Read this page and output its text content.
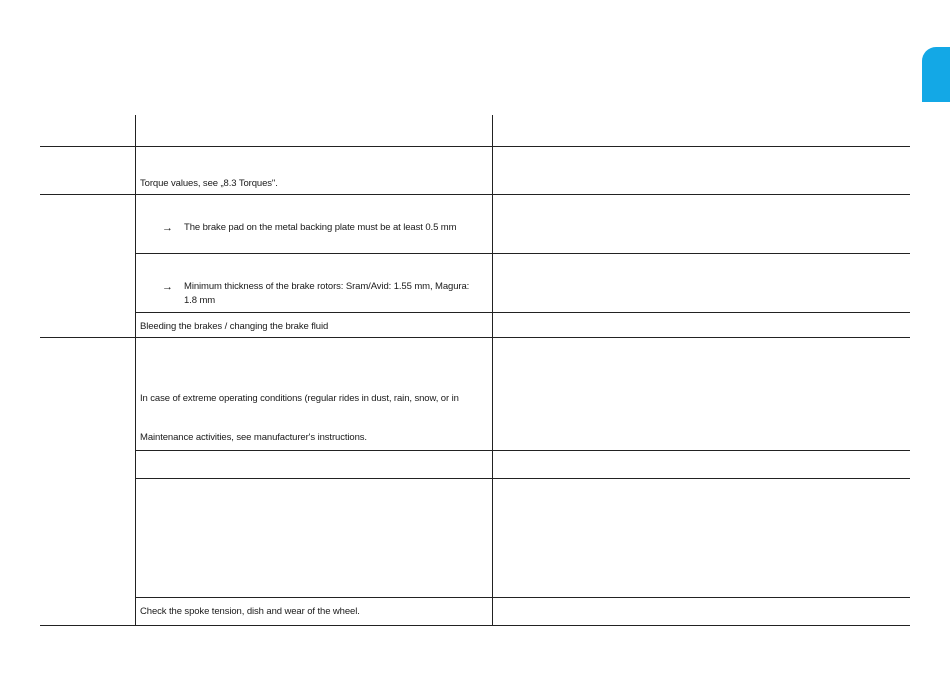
Torque values, see „8.3 Torques".
→ The brake pad on the metal backing plate must be at least 0.5 mm
→ Minimum thickness of the brake rotors: Sram/Avid: 1.55 mm, Magura: 1.8 mm
Bleeding the brakes / changing the brake fluid
In case of extreme operating conditions (regular rides in dust, rain, snow, or in
Maintenance activities, see manufacturer's instructions.
Check the spoke tension, dish and wear of the wheel.
